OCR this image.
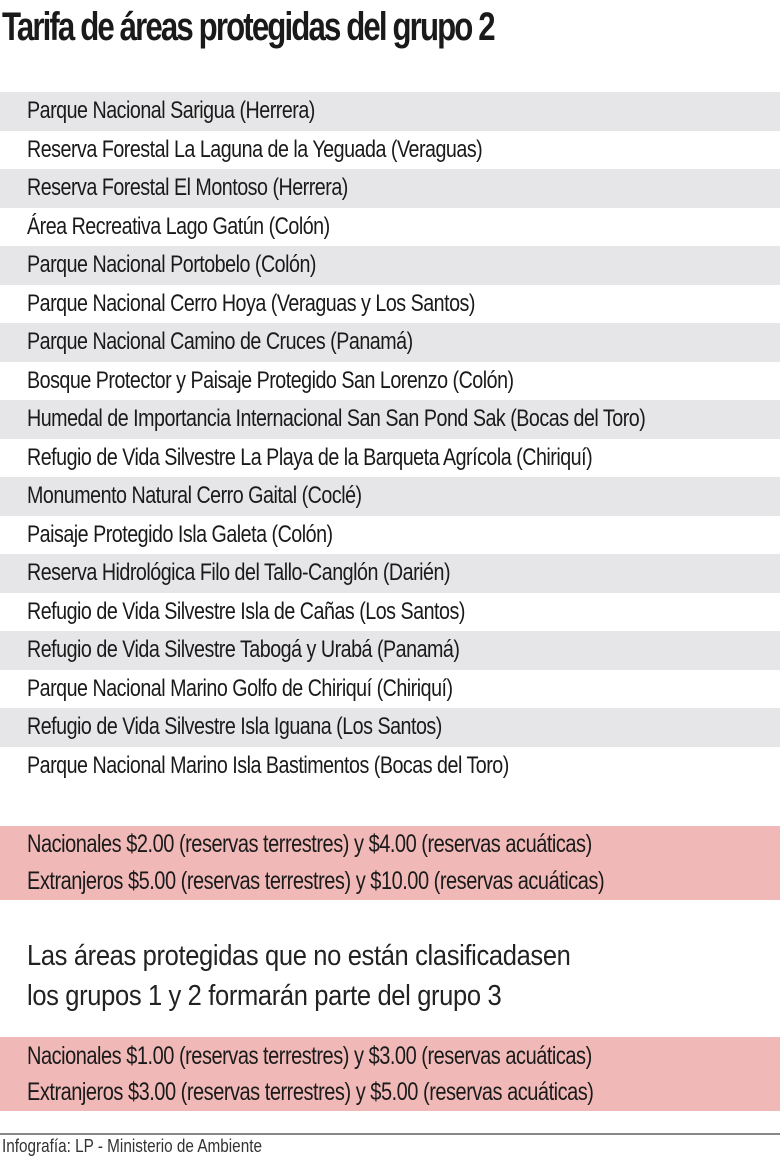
Tarifa de áreas protegidas del grupo 2
Parque Nacional Sarigua (Herrera)
Reserva Forestal La Laguna de la Yeguada (Veraguas)
Reserva Forestal El Montoso (Herrera)
Área Recreativa Lago Gatún (Colón)
Parque Nacional Portobelo (Colón)
Parque Nacional Cerro Hoya (Veraguas y Los Santos)
Parque Nacional Camino de Cruces (Panamá)
Bosque Protector y Paisaje Protegido San Lorenzo (Colón)
Humedal de Importancia Internacional San San Pond Sak (Bocas del Toro)
Refugio de Vida Silvestre La Playa de la Barqueta Agrícola (Chiriquí)
Monumento Natural Cerro Gaital (Coclé)
Paisaje Protegido Isla Galeta (Colón)
Reserva Hidrológica Filo del Tallo-Canglón (Darién)
Refugio de Vida Silvestre Isla de Cañas (Los Santos)
Refugio de Vida Silvestre Tabogá y Urabá (Panamá)
Parque Nacional Marino Golfo de Chiriquí (Chiriquí)
Refugio de Vida Silvestre Isla Iguana (Los Santos)
Parque Nacional Marino Isla Bastimentos (Bocas del Toro)
Nacionales $2.00 (reservas terrestres) y $4.00 (reservas acuáticas)
Extranjeros $5.00 (reservas terrestres) y $10.00 (reservas acuáticas)
Las áreas protegidas que no están clasificadasen
los grupos 1 y 2 formarán parte del grupo 3
Nacionales $1.00 (reservas terrestres) y $3.00 (reservas acuáticas)
Extranjeros $3.00 (reservas terrestres) y $5.00 (reservas acuáticas)
Infografía: LP - Ministerio de Ambiente
